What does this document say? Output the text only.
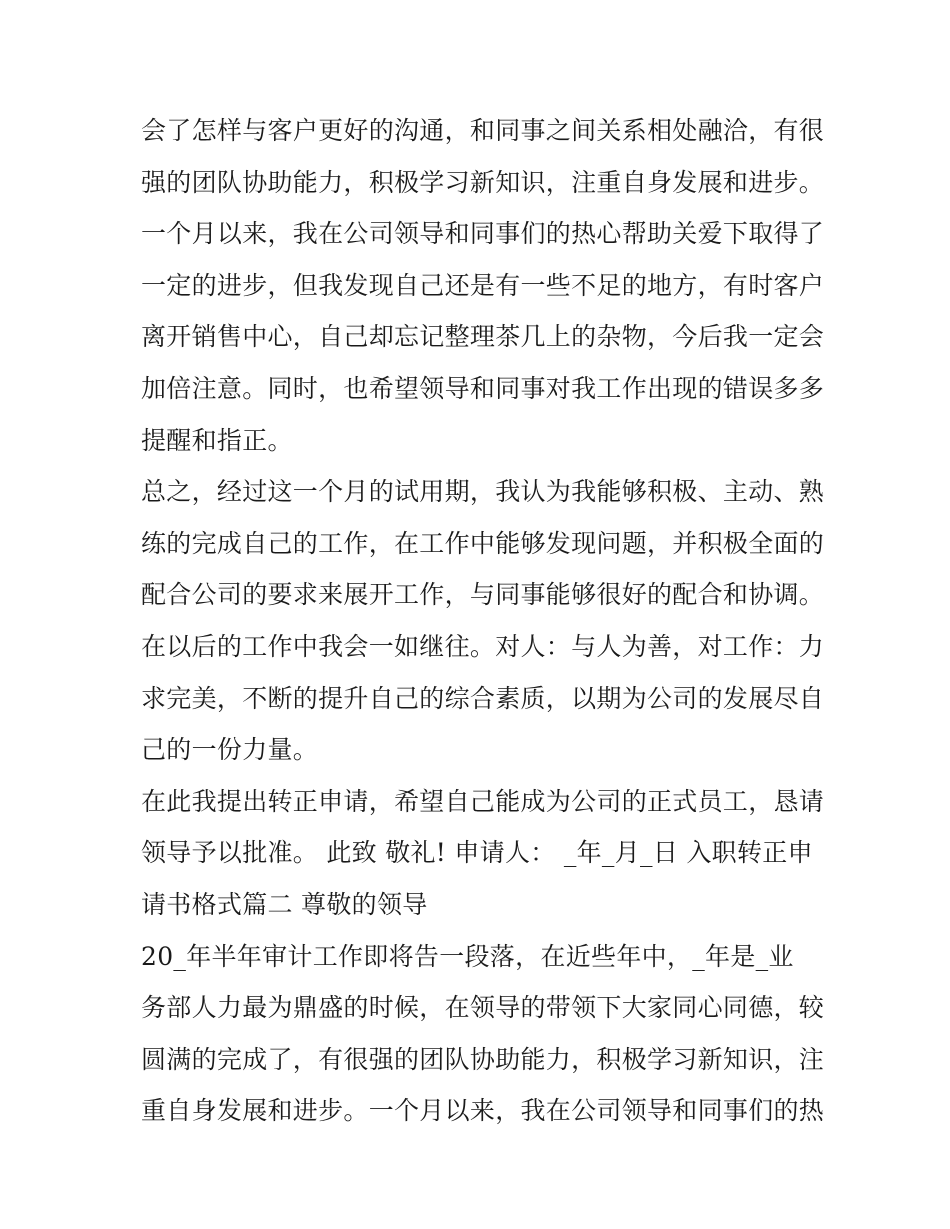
会了怎样与客户更好的沟通，和同事之间关系相处融洽，有很
强的团队协助能力，积极学习新知识，注重自身发展和进步。
一个月以来，我在公司领导和同事们的热心帮助关爱下取得了
一定的进步，但我发现自己还是有一些不足的地方，有时客户
离开销售中心，自己却忘记整理茶几上的杂物，今后我一定会
加倍注意。同时，也希望领导和同事对我工作出现的错误多多
提醒和指正。
总之，经过这一个月的试用期，我认为我能够积极、主动、熟
练的完成自己的工作，在工作中能够发现问题，并积极全面的
配合公司的要求来展开工作，与同事能够很好的配合和协调。
在以后的工作中我会一如继往。对人：与人为善，对工作：力
求完美，不断的提升自己的综合素质，以期为公司的发展尽自
己的一份力量。
在此我提出转正申请，希望自己能成为公司的正式员工，恳请
领导予以批准。 此致 敬礼! 申请人： _年_月_日 入职转正申
请书格式篇二 尊敬的领导
20_年半年审计工作即将告一段落，在近些年中，_年是_业
务部人力最为鼎盛的时候，在领导的带领下大家同心同德，较
圆满的完成了，有很强的团队协助能力，积极学习新知识，注
重自身发展和进步。一个月以来，我在公司领导和同事们的热
